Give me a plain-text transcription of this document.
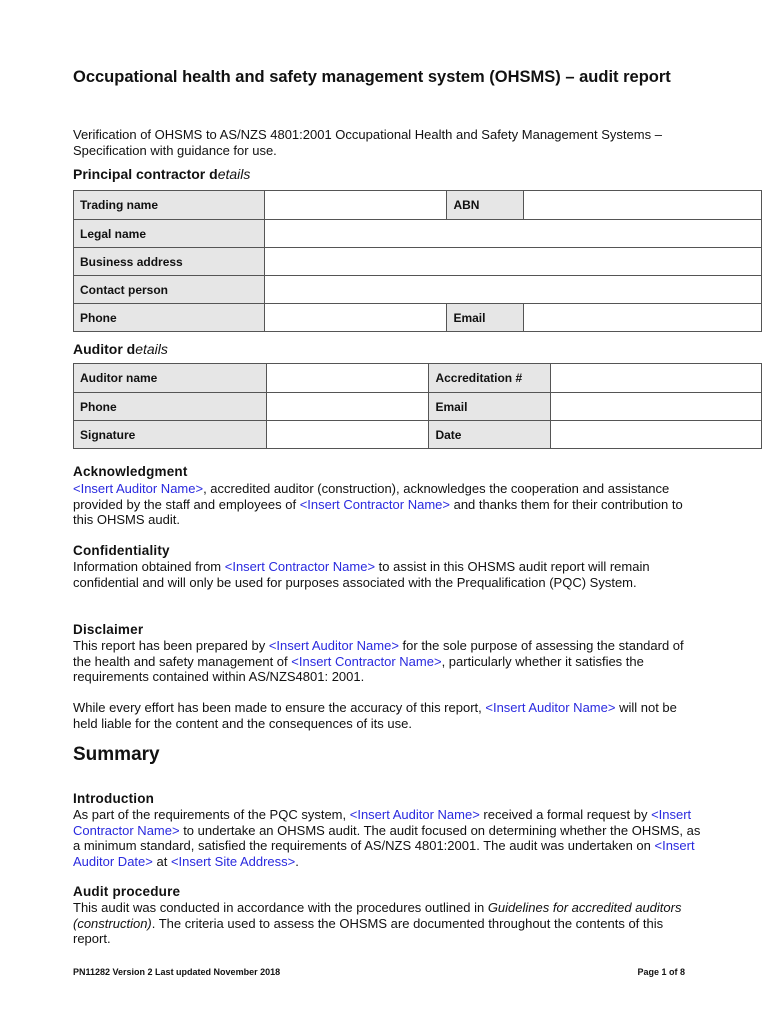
Occupational health and safety management system (OHSMS) – audit report

Verification of OHSMS to AS/NZS 4801:2001 Occupational Health and Safety Management Systems – Specification with guidance for use.

Principal contractor details

Trading name		ABN	
Legal name			
Business address			
Contact person			
Phone		Email	

Auditor details

Auditor name		Accreditation #	
Phone		Email	
Signature		Date	

Acknowledgment

<Insert Auditor Name>, accredited auditor (construction), acknowledges the cooperation and assistance provided by the staff and employees of <Insert Contractor Name> and thanks them for their contribution to this OHSMS audit.

Confidentiality

Information obtained from <Insert Contractor Name> to assist in this OHSMS audit report will remain confidential and will only be used for purposes associated with the Prequalification (PQC) System.

Disclaimer

This report has been prepared by <Insert Auditor Name> for the sole purpose of assessing the standard of the health and safety management of <Insert Contractor Name>, particularly whether it satisfies the requirements contained within AS/NZS4801: 2001.

While every effort has been made to ensure the accuracy of this report, <Insert Auditor Name> will not be held liable for the content and the consequences of its use.

Summary

Introduction

As part of the requirements of the PQC system, <Insert Auditor Name> received a formal request by <Insert Contractor Name> to undertake an OHSMS audit. The audit focused on determining whether the OHSMS, as a minimum standard, satisfied the requirements of AS/NZS 4801:2001. The audit was undertaken on <Insert Auditor Date> at <Insert Site Address>.

Audit procedure

This audit was conducted in accordance with the procedures outlined in Guidelines for accredited auditors (construction). The criteria used to assess the OHSMS are documented throughout the contents of this report.

PN11282 Version 2 Last updated November 2018	Page 1 of 8
